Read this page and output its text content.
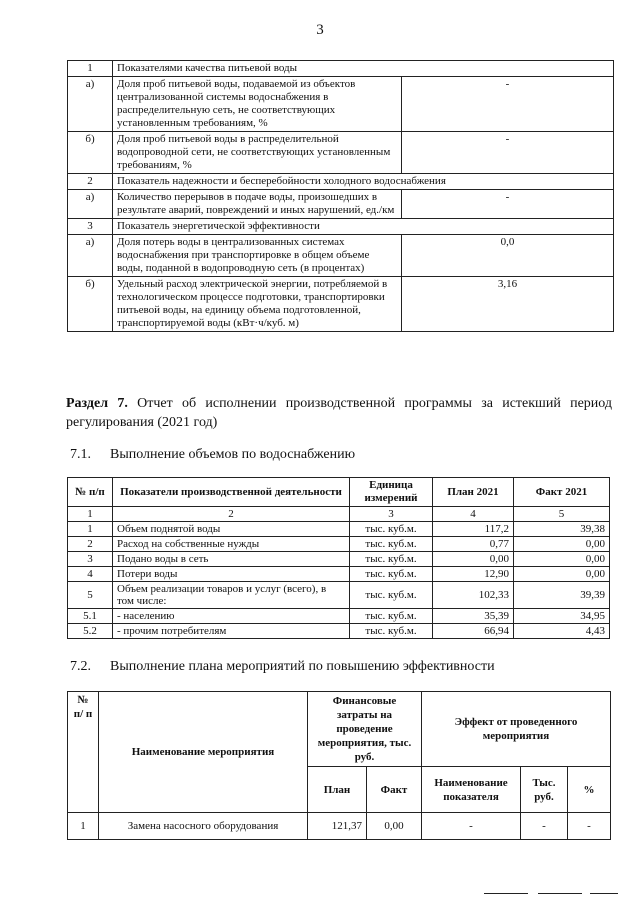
3
1	Показателями качества питьевой воды	
а)	Доля проб питьевой воды, подаваемой из объектов централизованной системы водоснабжения в распределительную сеть, не соответствующих установленным требованиям, %	-
б)	Доля проб питьевой воды в распределительной водопроводной сети, не соответствующих установленным требованиям, %	-
2	Показатель надежности и бесперебойности холодного водоснабжения	
а)	Количество перерывов в подаче воды, произошедших в результате аварий, повреждений и иных нарушений, ед./км	-
3	Показатель энергетической эффективности	
а)	Доля потерь воды в централизованных системах водоснабжения при транспортировке в общем объеме воды, поданной в водопроводную сеть (в процентах)	0,0
б)	Удельный расход электрической энергии, потребляемой в технологическом процессе подготовки, транспортировки питьевой воды, на единицу объема подготовленной, транспортируемой воды (кВт·ч/куб. м)	3,16
Раздел 7. Отчет об исполнении производственной программы за истекший период регулирования (2021 год)
7.1. Выполнение объемов по водоснабжению
№ п/п	Показатели производственной деятельности	Единица измерений	План 2021	Факт 2021
1	2	3	4	5
1	Объем поднятой воды	тыс. куб.м.	117,2	39,38
2	Расход на собственные нужды	тыс. куб.м.	0,77	0,00
3	Подано воды в сеть	тыс. куб.м.	0,00	0,00
4	Потери воды	тыс. куб.м.	12,90	0,00
5	Объем реализации товаров и услуг (всего), в том числе:	тыс. куб.м.	102,33	39,39
5.1	- населению	тыс. куб.м.	35,39	34,95
5.2	- прочим потребителям	тыс. куб.м.	66,94	4,43
7.2. Выполнение плана мероприятий по повышению эффективности
№ п/ п	Наименование мероприятия	Финансовые затраты на проведение мероприятия, тыс. руб.		Эффект от проведенного мероприятия		
		План	Факт	Наименование показателя	Тыс. руб.	%
1	Замена насосного оборудования	121,37	0,00	-	-	-
